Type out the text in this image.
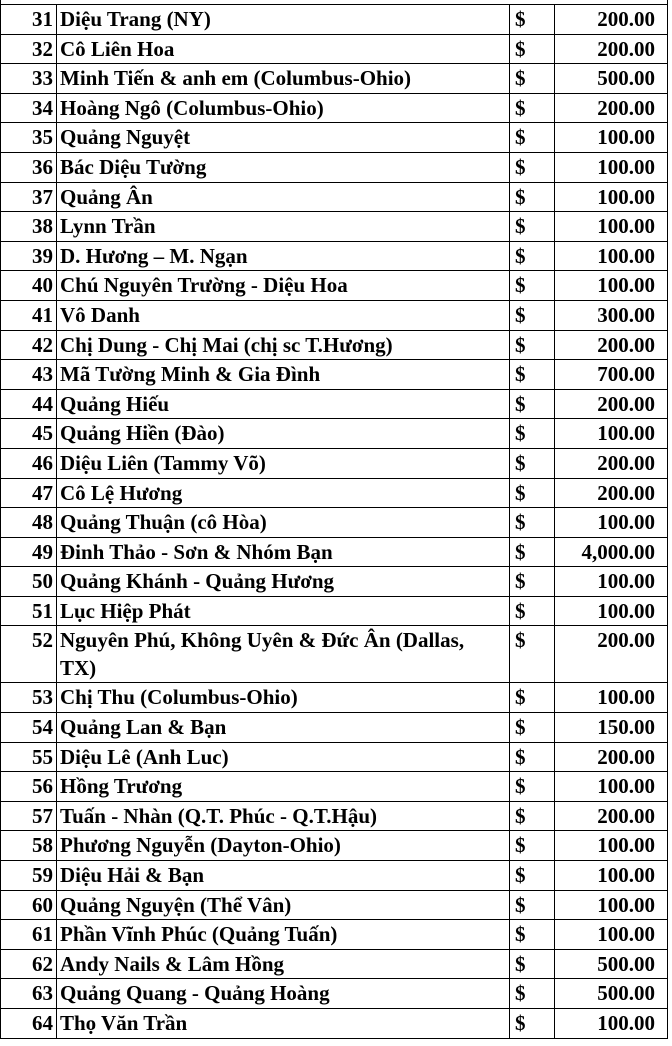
31	Diệu Trang (NY)	$	200.00
32	Cô Liên Hoa	$	200.00
33	Minh Tiến & anh em (Columbus-Ohio)	$	500.00
34	Hoàng Ngô (Columbus-Ohio)	$	200.00
35	Quảng Nguyệt	$	100.00
36	Bác Diệu Tường	$	100.00
37	Quảng Ân	$	100.00
38	Lynn Trần	$	100.00
39	D. Hương – M. Ngạn	$	100.00
40	Chú Nguyên Trường - Diệu Hoa	$	100.00
41	Vô Danh	$	300.00
42	Chị Dung - Chị Mai (chị sc T.Hương)	$	200.00
43	Mã Tường Minh & Gia Đình	$	700.00
44	Quảng Hiếu	$	200.00
45	Quảng Hiền (Đào)	$	100.00
46	Diệu Liên (Tammy Võ)	$	200.00
47	Cô Lệ Hương	$	200.00
48	Quảng Thuận (cô Hòa)	$	100.00
49	Đinh Thảo - Sơn & Nhóm Bạn	$	4,000.00
50	Quảng Khánh - Quảng Hương	$	100.00
51	Lục Hiệp Phát	$	100.00
52	Nguyên Phú, Không Uyên & Đức Ân (Dallas, TX)	$	200.00
53	Chị Thu (Columbus-Ohio)	$	100.00
54	Quảng Lan & Bạn	$	150.00
55	Diệu Lê (Anh Luc)	$	200.00
56	Hồng Trương	$	100.00
57	Tuấn - Nhàn (Q.T. Phúc - Q.T.Hậu)	$	200.00
58	Phương Nguyễn (Dayton-Ohio)	$	100.00
59	Diệu Hải & Bạn	$	100.00
60	Quảng Nguyện (Thể Vân)	$	100.00
61	Phần Vĩnh Phúc (Quảng Tuấn)	$	100.00
62	Andy Nails & Lâm Hồng	$	500.00
63	Quảng Quang - Quảng Hoàng	$	500.00
64	Thọ Văn Trần	$	100.00
